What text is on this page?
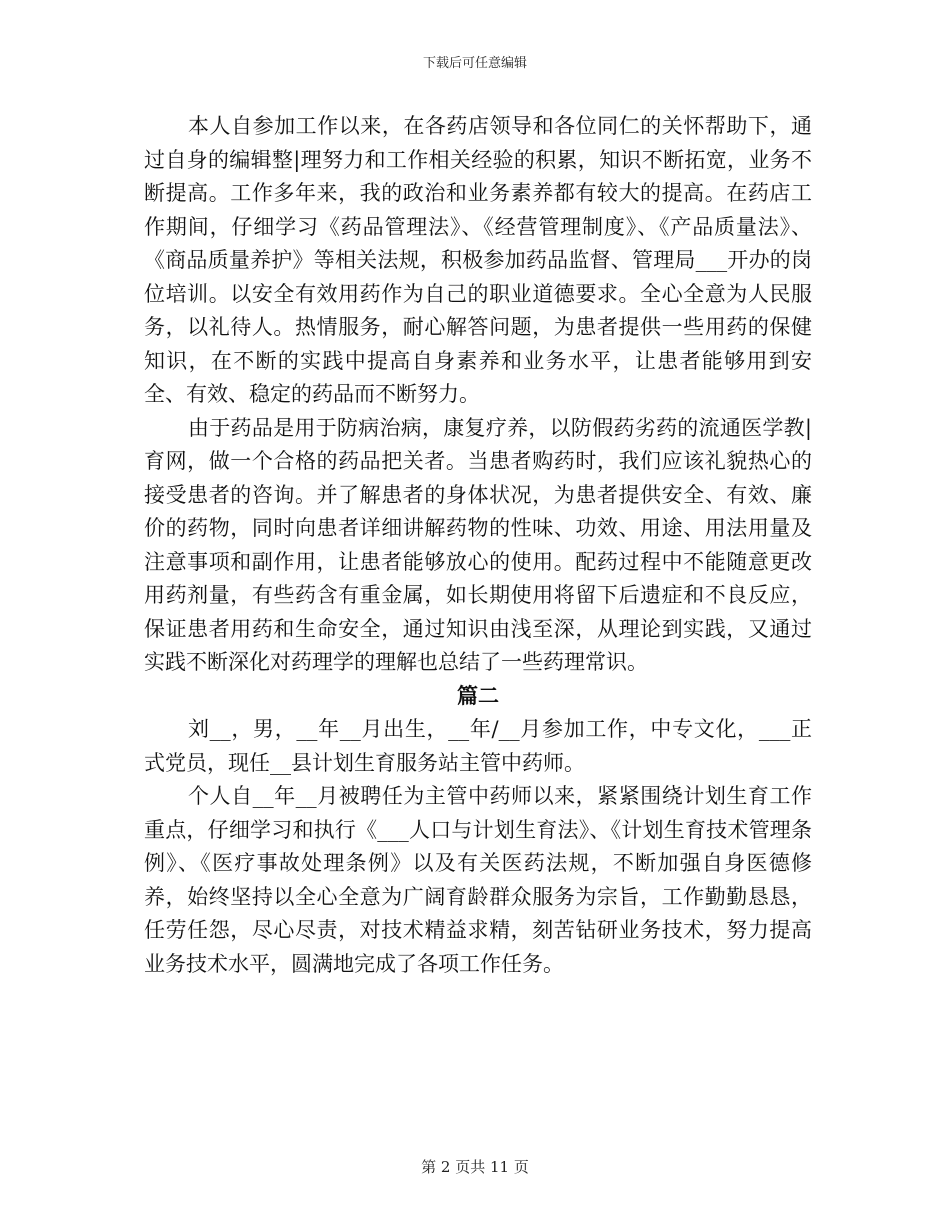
下载后可任意编辑

本人自参加工作以来，在各药店领导和各位同仁的关怀帮助下，通过自身的编辑整|理努力和工作相关经验的积累，知识不断拓宽，业务不断提高。工作多年来，我的政治和业务素养都有较大的提高。在药店工作期间，仔细学习《药品管理法》、《经营管理制度》、《产品质量法》、《商品质量养护》等相关法规，积极参加药品监督、管理局___开办的岗位培训。以安全有效用药作为自己的职业道德要求。全心全意为人民服务，以礼待人。热情服务，耐心解答问题，为患者提供一些用药的保健知识，在不断的实践中提高自身素养和业务水平，让患者能够用到安全、有效、稳定的药品而不断努力。

由于药品是用于防病治病，康复疗养，以防假药劣药的流通医学教|育网，做一个合格的药品把关者。当患者购药时，我们应该礼貌热心的接受患者的咨询。并了解患者的身体状况，为患者提供安全、有效、廉价的药物，同时向患者详细讲解药物的性味、功效、用途、用法用量及注意事项和副作用，让患者能够放心的使用。配药过程中不能随意更改用药剂量，有些药含有重金属，如长期使用将留下后遗症和不良反应，保证患者用药和生命安全，通过知识由浅至深，从理论到实践，又通过实践不断深化对药理学的理解也总结了一些药理常识。

篇二

刘__，男，__年__月出生，__年/__月参加工作，中专文化，___正式党员，现任__县计划生育服务站主管中药师。

个人自__年__月被聘任为主管中药师以来，紧紧围绕计划生育工作重点，仔细学习和执行《___人口与计划生育法》、《计划生育技术管理条例》、《医疗事故处理条例》以及有关医药法规，不断加强自身医德修养，始终坚持以全心全意为广阔育龄群众服务为宗旨，工作勤勤恳恳，任劳任怨，尽心尽责，对技术精益求精，刻苦钻研业务技术，努力提高业务技术水平，圆满地完成了各项工作任务。

第 2 页共 11 页
